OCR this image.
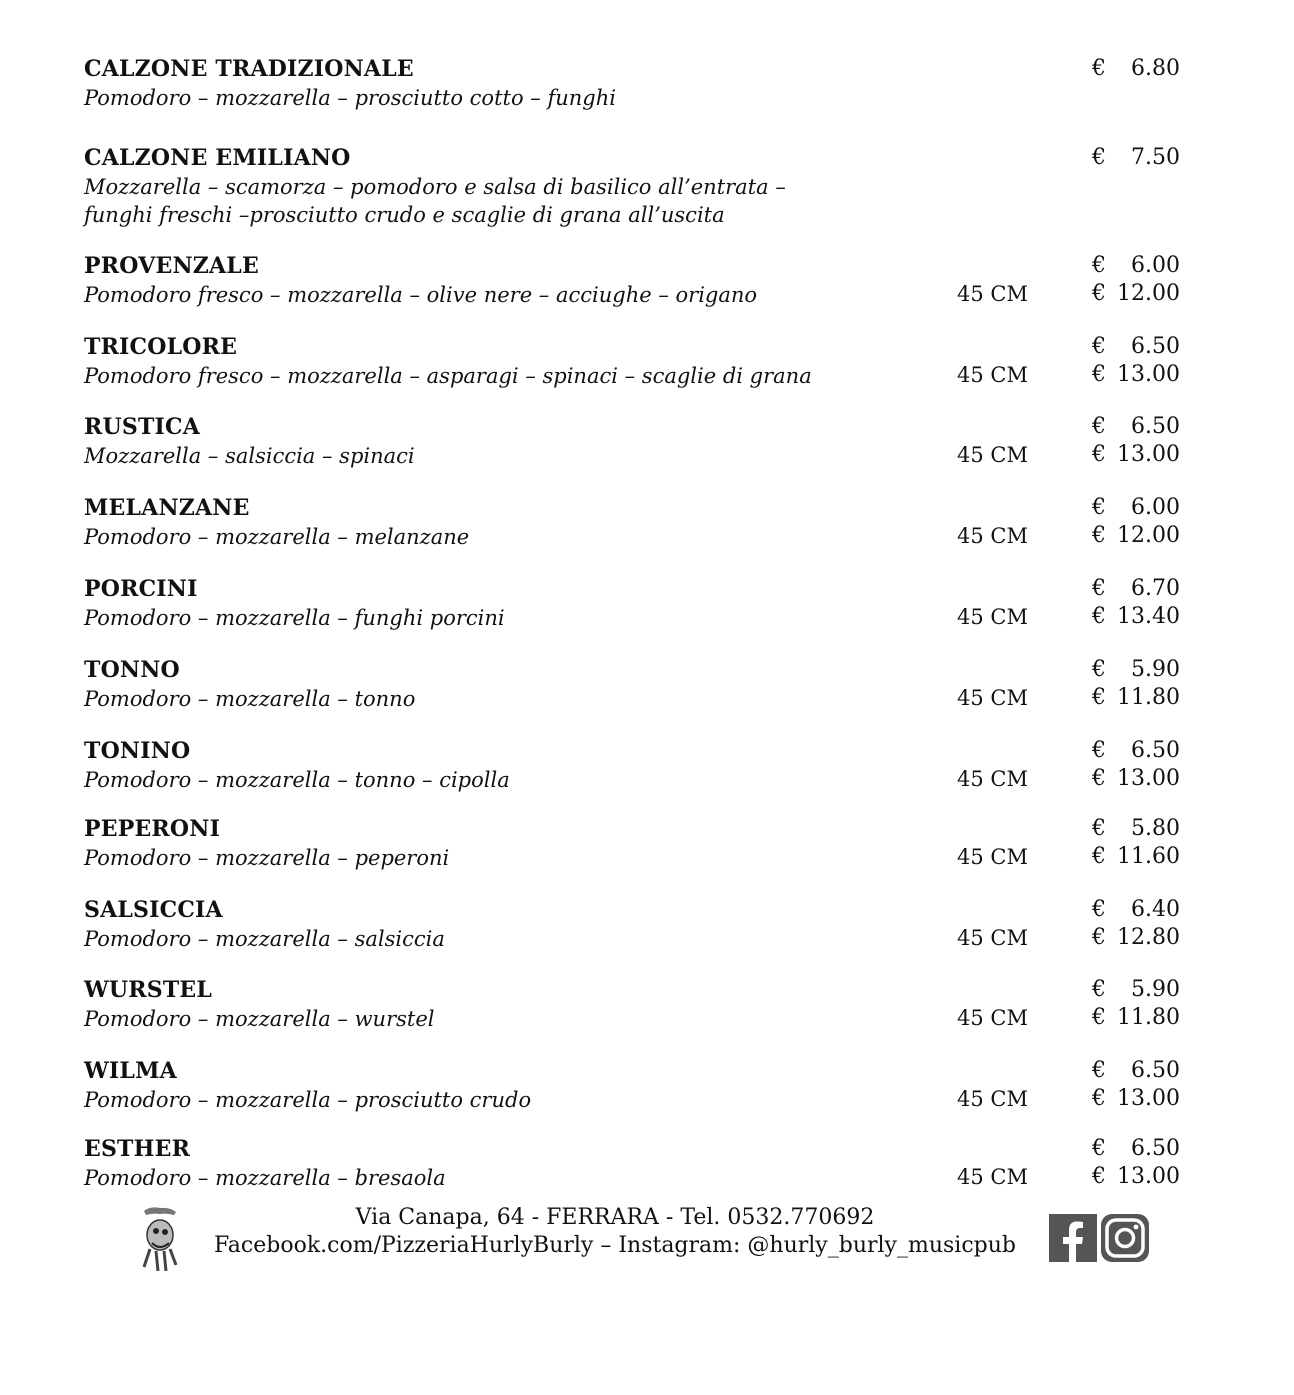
CALZONE TRADIZIONALE
Pomodoro – mozzarella – prosciutto cotto – funghi
€ 6.80
CALZONE EMILIANO
Mozzarella – scamorza – pomodoro e salsa di basilico all’entrata –
funghi freschi –prosciutto crudo e scaglie di grana all’uscita
€ 7.50
PROVENZALE
Pomodoro fresco – mozzarella – olive nere – acciughe – origano	45 CM
€ 6.00
€ 12.00
TRICOLORE
Pomodoro fresco – mozzarella – asparagi – spinaci – scaglie di grana	45 CM
€ 6.50
€ 13.00
RUSTICA
Mozzarella – salsiccia – spinaci	45 CM
€ 6.50
€ 13.00
MELANZANE
Pomodoro – mozzarella – melanzane	45 CM
€ 6.00
€ 12.00
PORCINI
Pomodoro – mozzarella – funghi porcini	45 CM
€ 6.70
€ 13.40
TONNO
Pomodoro – mozzarella – tonno	45 CM
€ 5.90
€ 11.80
TONINO
Pomodoro – mozzarella – tonno – cipolla	45 CM
€ 6.50
€ 13.00
PEPERONI
Pomodoro – mozzarella – peperoni	45 CM
€ 5.80
€ 11.60
SALSICCIA
Pomodoro – mozzarella – salsiccia	45 CM
€ 6.40
€ 12.80
WURSTEL
Pomodoro – mozzarella – wurstel	45 CM
€ 5.90
€ 11.80
WILMA
Pomodoro – mozzarella – prosciutto crudo	45 CM
€ 6.50
€ 13.00
ESTHER
Pomodoro – mozzarella – bresaola	45 CM
€ 6.50
€ 13.00
Via Canapa, 64 - FERRARA - Tel. 0532.770692
Facebook.com/PizzeriaHurlyBurly – Instagram: @hurly_burly_musicpub
